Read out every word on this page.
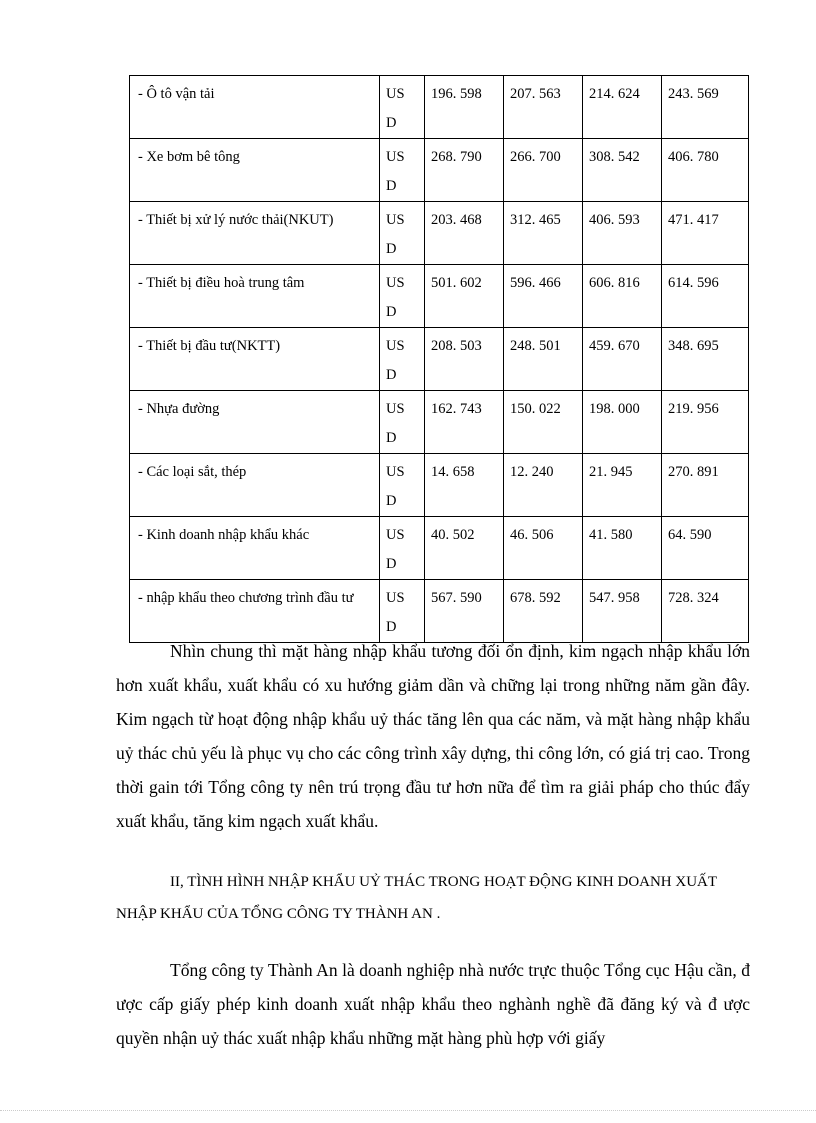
- Ô tô vận tải	USD	196. 598	207. 563	214. 624	243. 569
- Xe bơm bê tông	USD	268. 790	266. 700	308. 542	406. 780
- Thiết bị xử lý nước thải(NKUT)	USD	203. 468	312. 465	406. 593	471. 417
- Thiết bị điều hoà trung tâm	USD	501. 602	596. 466	606. 816	614. 596
- Thiết bị đầu tư(NKTT)	USD	208. 503	248. 501	459. 670	348. 695
- Nhựa đường	USD	162. 743	150. 022	198. 000	219. 956
- Các loại sắt, thép	USD	14. 658	12. 240	21. 945	270. 891
- Kinh doanh nhập khẩu khác	USD	40. 502	46. 506	41. 580	64. 590
- nhập khẩu theo chương trình đầu tư	USD	567. 590	678. 592	547. 958	728. 324

Nhìn chung thì mặt hàng nhập khẩu tương đối ổn định, kim ngạch nhập khẩu lớn hơn xuất khẩu, xuất khẩu có xu hướng giảm dần và chững lại trong những năm gần đây. Kim ngạch từ hoạt động nhập khẩu uỷ thác tăng lên qua các năm, và mặt hàng nhập khẩu uỷ thác chủ yếu là phục vụ cho các công trình xây dựng, thi công lớn, có giá trị cao. Trong thời gain tới Tổng công ty nên trú trọng đầu tư hơn nữa để tìm ra giải pháp cho thúc đẩy xuất khẩu, tăng kim ngạch xuất khẩu.

II, TÌNH HÌNH NHẬP KHẨU UỶ THÁC TRONG HOẠT ĐỘNG KINH DOANH XUẤT NHẬP KHẨU CỦA TỔNG CÔNG TY THÀNH AN .

Tổng công ty Thành An là doanh nghiệp nhà nước trực thuộc Tổng cục Hậu cần, đ ược cấp giấy phép kinh doanh xuất nhập khẩu theo nghành nghề đã đăng ký và đ ược quyền nhận uỷ thác xuất nhập khẩu những mặt hàng phù hợp với giấy
